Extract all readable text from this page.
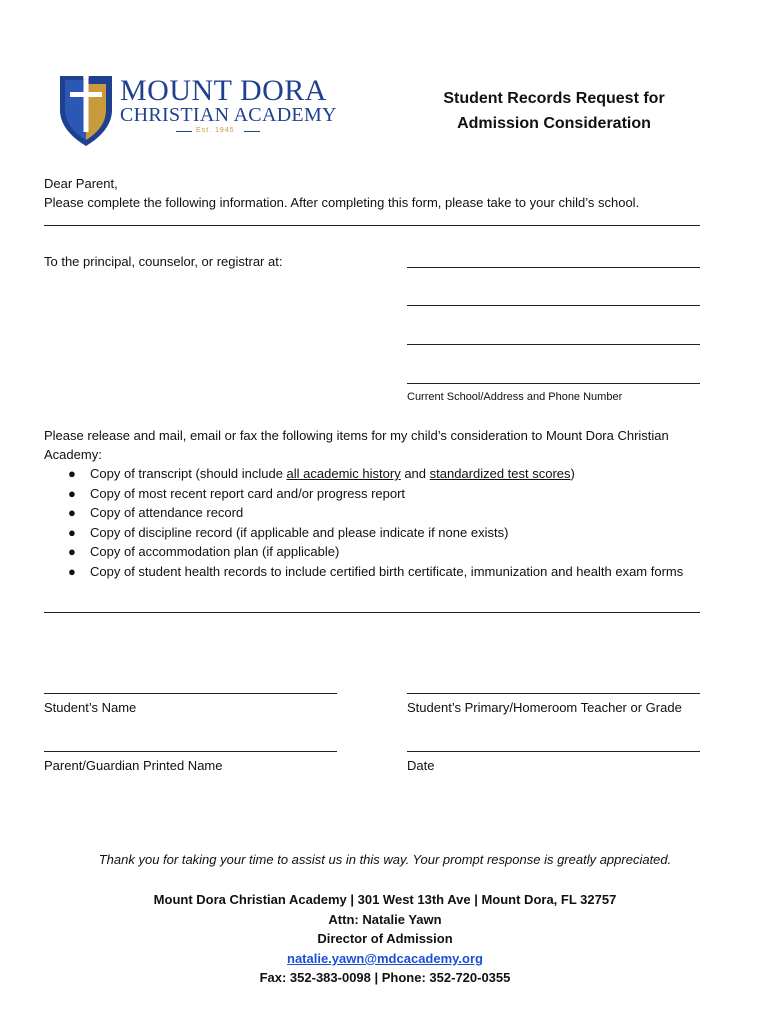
MOUNT DORA
CHRISTIAN ACADEMY
Est. 1945
Student Records Request for
Admission Consideration
Dear Parent,
Please complete the following information. After completing this form, please take to your child’s school.
To the principal, counselor, or registrar at:
Current School/Address and Phone Number
Please release and mail, email or fax the following items for my child’s consideration to Mount Dora Christian
Academy:
● Copy of transcript (should include all academic history and standardized test scores)
● Copy of most recent report card and/or progress report
● Copy of attendance record
● Copy of discipline record (if applicable and please indicate if none exists)
● Copy of accommodation plan (if applicable)
● Copy of student health records to include certified birth certificate, immunization and health exam forms
Student’s Name	Student’s Primary/Homeroom Teacher or Grade
Parent/Guardian Printed Name	Date
Thank you for taking your time to assist us in this way. Your prompt response is greatly appreciated.
Mount Dora Christian Academy | 301 West 13th Ave | Mount Dora, FL 32757
Attn: Natalie Yawn
Director of Admission
natalie.yawn@mdcacademy.org
Fax: 352-383-0098 | Phone: 352-720-0355
